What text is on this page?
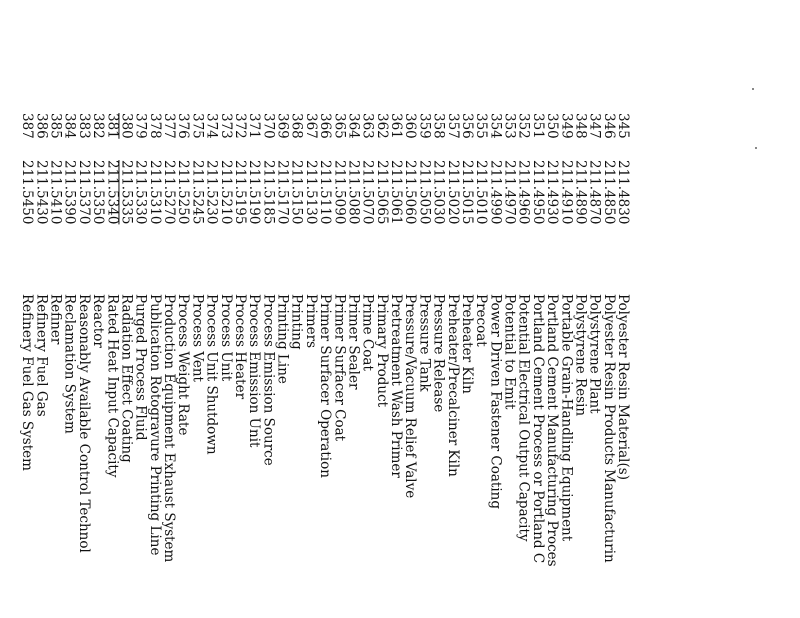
345
211.4830
Polyester Resin Material(s)
346
211.4850
Polyester Resin Products Manufacturin
347
211.4870
Polystyrene Plant
348
211.4890
Polystyrene Resin
349
211.4910
Portable Grain-Handling Equipment
350
211.4930
Portland Cement Manufacturing Proces
351
211.4950
Portland Cement Process or Portland C
352
211.4960
Potential Electrical Output Capacity
353
211.4970
Potential to Emit
354
211.4990
Power Driven Fastener Coating
355
211.5010
Precoat
356
211.5015
Preheater Kiln
357
211.5020
Preheater/Precalciner Kiln
358
211.5030
Pressure Release
359
211.5050
Pressure Tank
360
211.5060
Pressure/Vacuum Relief Valve
361
211.5061
Pretreatment Wash Primer
362
211.5065
Primary Product
363
211.5070
Prime Coat
364
211.5080
Primer Sealer
365
211.5090
Primer Surfacer Coat
366
211.5110
Primer Surfacer Operation
367
211.5130
Primers
368
211.5150
Printing
369
211.5170
Printing Line
370
211.5185
Process Emission Source
371
211.5190
Process Emission Unit
372
211.5195
Process Heater
373
211.5210
Process Unit
374
211.5230
Process Unit Shutdown
375
211.5245
Process Vent
376
211.5250
Process Weight Rate
377
211.5270
Production Equipment Exhaust System
378
211.5310
Publication Rotogravure Printing Line
379
211.5330
Purged Process Fluid
380
211.5335
Radiation Effect Coating
381
211.5340
Rated Heat Input Capacity
382
211.5350
Reactor
383
211.5370
Reasonably Available Control Technol
384
211.5390
Reclamation System
385
211.5410
Refiner
386
211.5430
Refinery Fuel Gas
387
211.5450
Refinery Fuel Gas System
